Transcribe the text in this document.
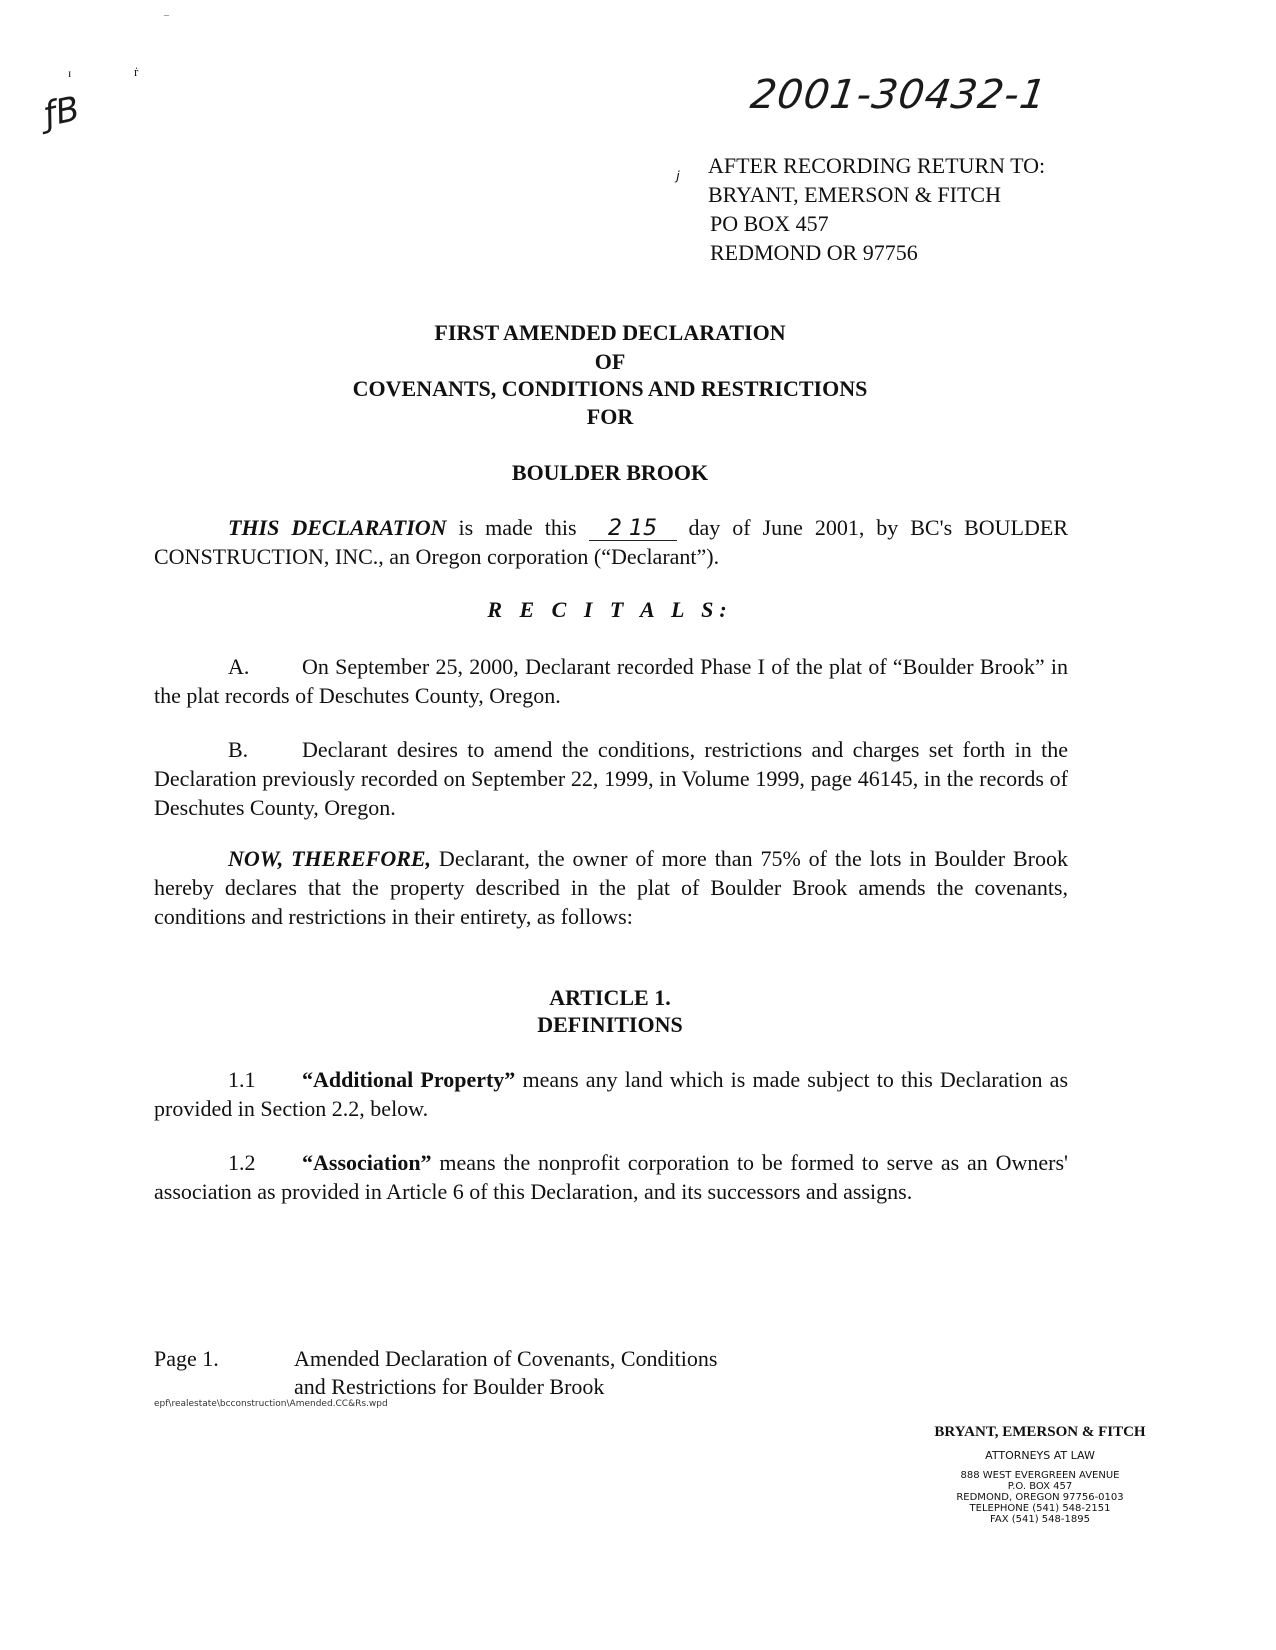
–
ɪ	ṙ
2001-30432-1
ƒB
ʲ
AFTER RECORDING RETURN TO:
BRYANT, EMERSON & FITCH
PO BOX 457
REDMOND OR 97756
FIRST AMENDED DECLARATION
OF
COVENANTS, CONDITIONS AND RESTRICTIONS
FOR
BOULDER BROOK
THIS DECLARATION is made this 2 15 day of June 2001, by BC's BOULDER CONSTRUCTION, INC., an Oregon corporation (“Declarant”).
R E C I T A L S:
A. On September 25, 2000, Declarant recorded Phase I of the plat of “Boulder Brook” in the plat records of Deschutes County, Oregon.
B. Declarant desires to amend the conditions, restrictions and charges set forth in the Declaration previously recorded on September 22, 1999, in Volume 1999, page 46145, in the records of Deschutes County, Oregon.
NOW, THEREFORE, Declarant, the owner of more than 75% of the lots in Boulder Brook hereby declares that the property described in the plat of Boulder Brook amends the covenants, conditions and restrictions in their entirety, as follows:
ARTICLE 1.
DEFINITIONS
1.1 “Additional Property” means any land which is made subject to this Declaration as provided in Section 2.2, below.
1.2 “Association” means the nonprofit corporation to be formed to serve as an Owners' association as provided in Article 6 of this Declaration, and its successors and assigns.
Page 1.	Amended Declaration of Covenants, Conditions
and Restrictions for Boulder Brook
epf\realestate\bcconstruction\Amended.CC&Rs.wpd
BRYANT, EMERSON & FITCH
ATTORNEYS AT LAW
888 WEST EVERGREEN AVENUE
P.O. BOX 457
REDMOND, OREGON 97756-0103
TELEPHONE (541) 548-2151
FAX (541) 548-1895
